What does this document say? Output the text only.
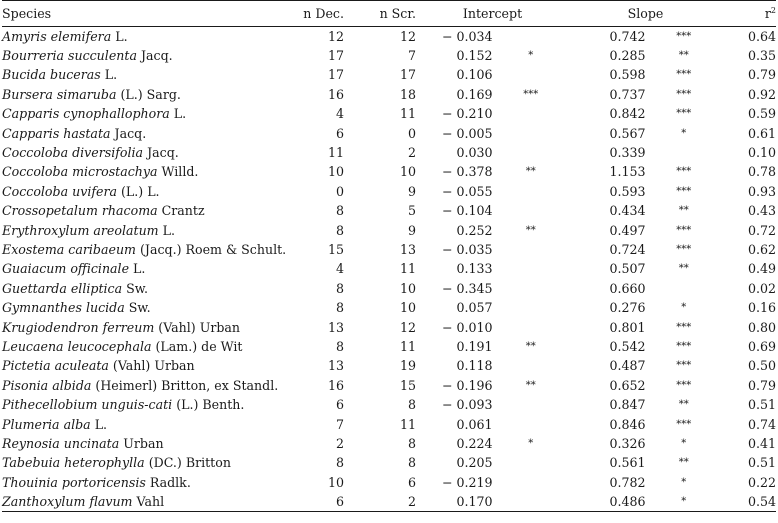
Species	n Dec.	n Scr.	Intercept		Slope		$r^2$
Amyris elemifera L.	12	12	− 0.034		0.742	***	0.64
Bourreria succulenta Jacq.	17	7	0.152	*	0.285	**	0.35
Bucida buceras L.	17	17	0.106		0.598	***	0.79
Bursera simaruba (L.) Sarg.	16	18	0.169	***	0.737	***	0.92
Capparis cynophallophora L.	4	11	− 0.210		0.842	***	0.59
Capparis hastata Jacq.	6	0	− 0.005		0.567	*	0.61
Coccoloba diversifolia Jacq.	11	2	0.030		0.339		0.10
Coccoloba microstachya Willd.	10	10	− 0.378	**	1.153	***	0.78
Coccoloba uvifera (L.) L.	0	9	− 0.055		0.593	***	0.93
Crossopetalum rhacoma Crantz	8	5	− 0.104		0.434	**	0.43
Erythroxylum areolatum L.	8	9	0.252	**	0.497	***	0.72
Exostema caribaeum (Jacq.) Roem & Schult.	15	13	− 0.035		0.724	***	0.62
Guaiacum officinale L.	4	11	0.133		0.507	**	0.49
Guettarda elliptica Sw.	8	10	− 0.345		0.660		0.02
Gymnanthes lucida Sw.	8	10	0.057		0.276	*	0.16
Krugiodendron ferreum (Vahl) Urban	13	12	− 0.010		0.801	***	0.80
Leucaena leucocephala (Lam.) de Wit	8	11	0.191	**	0.542	***	0.69
Pictetia aculeata (Vahl) Urban	13	19	0.118		0.487	***	0.50
Pisonia albida (Heimerl) Britton, ex Standl.	16	15	− 0.196	**	0.652	***	0.79
Pithecellobium unguis-cati (L.) Benth.	6	8	− 0.093		0.847	**	0.51
Plumeria alba L.	7	11	0.061		0.846	***	0.74
Reynosia uncinata Urban	2	8	0.224	*	0.326	*	0.41
Tabebuia heterophylla (DC.) Britton	8	8	0.205		0.561	**	0.51
Thouinia portoricensis Radlk.	10	6	− 0.219		0.782	*	0.22
Zanthoxylum flavum Vahl	6	2	0.170		0.486	*	0.54
